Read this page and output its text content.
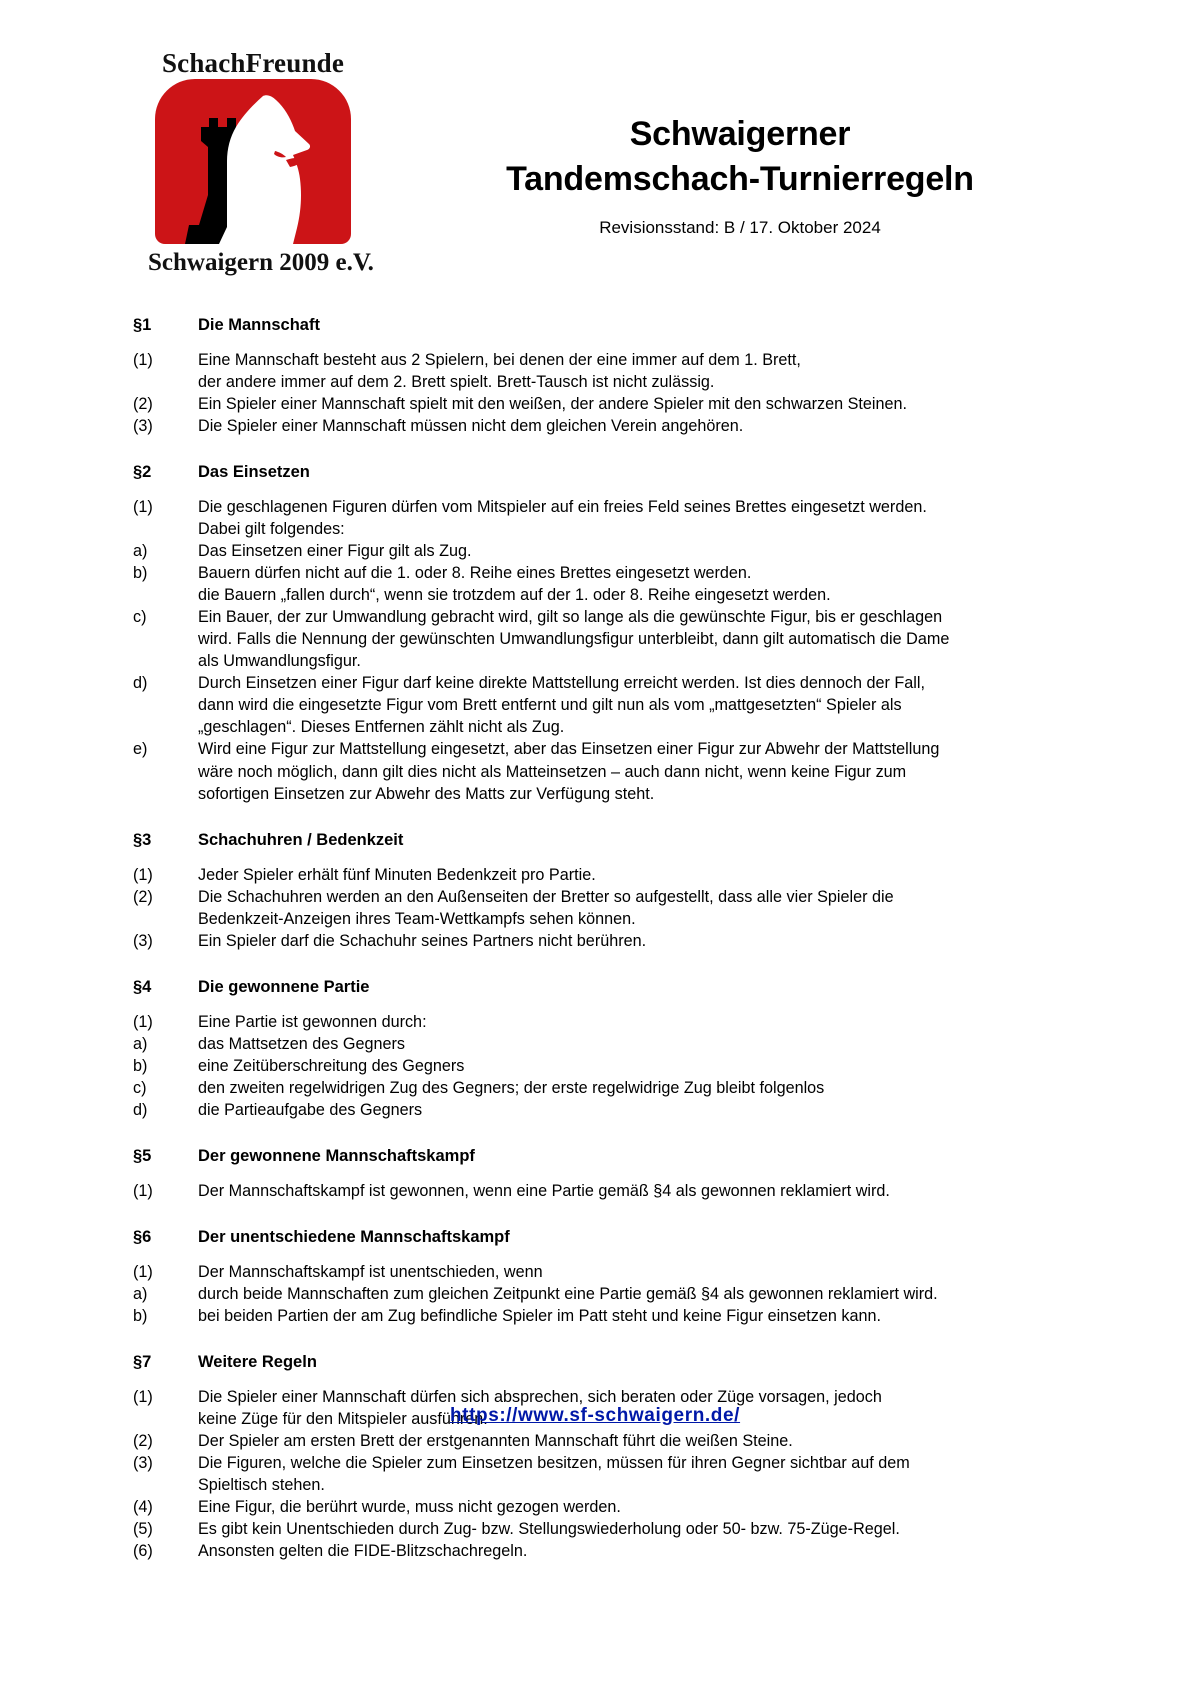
SchachFreunde
Schwaigern 2009 e.V.
Schwaigerner
Tandemschach-Turnierregeln
Revisionsstand: B / 17. Oktober 2024
§1	Die Mannschaft
(1)	Eine Mannschaft besteht aus 2 Spielern, bei denen der eine immer auf dem 1. Brett,
der andere immer auf dem 2. Brett spielt. Brett-Tausch ist nicht zulässig.
(2)	Ein Spieler einer Mannschaft spielt mit den weißen, der andere Spieler mit den schwarzen Steinen.
(3)	Die Spieler einer Mannschaft müssen nicht dem gleichen Verein angehören.
§2	Das Einsetzen
(1)	Die geschlagenen Figuren dürfen vom Mitspieler auf ein freies Feld seines Brettes eingesetzt werden.
Dabei gilt folgendes:
a)	Das Einsetzen einer Figur gilt als Zug.
b)	Bauern dürfen nicht auf die 1. oder 8. Reihe eines Brettes eingesetzt werden.
die Bauern „fallen durch“, wenn sie trotzdem auf der 1. oder 8. Reihe eingesetzt werden.
c)	Ein Bauer, der zur Umwandlung gebracht wird, gilt so lange als die gewünschte Figur, bis er geschlagen
wird. Falls die Nennung der gewünschten Umwandlungsfigur unterbleibt, dann gilt automatisch die Dame
als Umwandlungsfigur.
d)	Durch Einsetzen einer Figur darf keine direkte Mattstellung erreicht werden. Ist dies dennoch der Fall,
dann wird die eingesetzte Figur vom Brett entfernt und gilt nun als vom „mattgesetzten“ Spieler als
„geschlagen“. Dieses Entfernen zählt nicht als Zug.
e)	Wird eine Figur zur Mattstellung eingesetzt, aber das Einsetzen einer Figur zur Abwehr der Mattstellung
wäre noch möglich, dann gilt dies nicht als Matteinsetzen – auch dann nicht, wenn keine Figur zum
sofortigen Einsetzen zur Abwehr des Matts zur Verfügung steht.
§3	Schachuhren / Bedenkzeit
(1)	Jeder Spieler erhält fünf Minuten Bedenkzeit pro Partie.
(2)	Die Schachuhren werden an den Außenseiten der Bretter so aufgestellt, dass alle vier Spieler die
Bedenkzeit-Anzeigen ihres Team-Wettkampfs sehen können.
(3)	Ein Spieler darf die Schachuhr seines Partners nicht berühren.
§4	Die gewonnene Partie
(1)	Eine Partie ist gewonnen durch:
a)	das Mattsetzen des Gegners
b)	eine Zeitüberschreitung des Gegners
c)	den zweiten regelwidrigen Zug des Gegners; der erste regelwidrige Zug bleibt folgenlos
d)	die Partieaufgabe des Gegners
§5	Der gewonnene Mannschaftskampf
(1)	Der Mannschaftskampf ist gewonnen, wenn eine Partie gemäß §4 als gewonnen reklamiert wird.
§6	Der unentschiedene Mannschaftskampf
(1)	Der Mannschaftskampf ist unentschieden, wenn
a)	durch beide Mannschaften zum gleichen Zeitpunkt eine Partie gemäß §4 als gewonnen reklamiert wird.
b)	bei beiden Partien der am Zug befindliche Spieler im Patt steht und keine Figur einsetzen kann.
§7	Weitere Regeln
(1)	Die Spieler einer Mannschaft dürfen sich absprechen, sich beraten oder Züge vorsagen, jedoch
keine Züge für den Mitspieler ausführen.
(2)	Der Spieler am ersten Brett der erstgenannten Mannschaft führt die weißen Steine.
(3)	Die Figuren, welche die Spieler zum Einsetzen besitzen, müssen für ihren Gegner sichtbar auf dem
Spieltisch stehen.
(4)	Eine Figur, die berührt wurde, muss nicht gezogen werden.
(5)	Es gibt kein Unentschieden durch Zug- bzw. Stellungswiederholung oder 50- bzw. 75-Züge-Regel.
(6)	Ansonsten gelten die FIDE-Blitzschachregeln.
https://www.sf-schwaigern.de/
